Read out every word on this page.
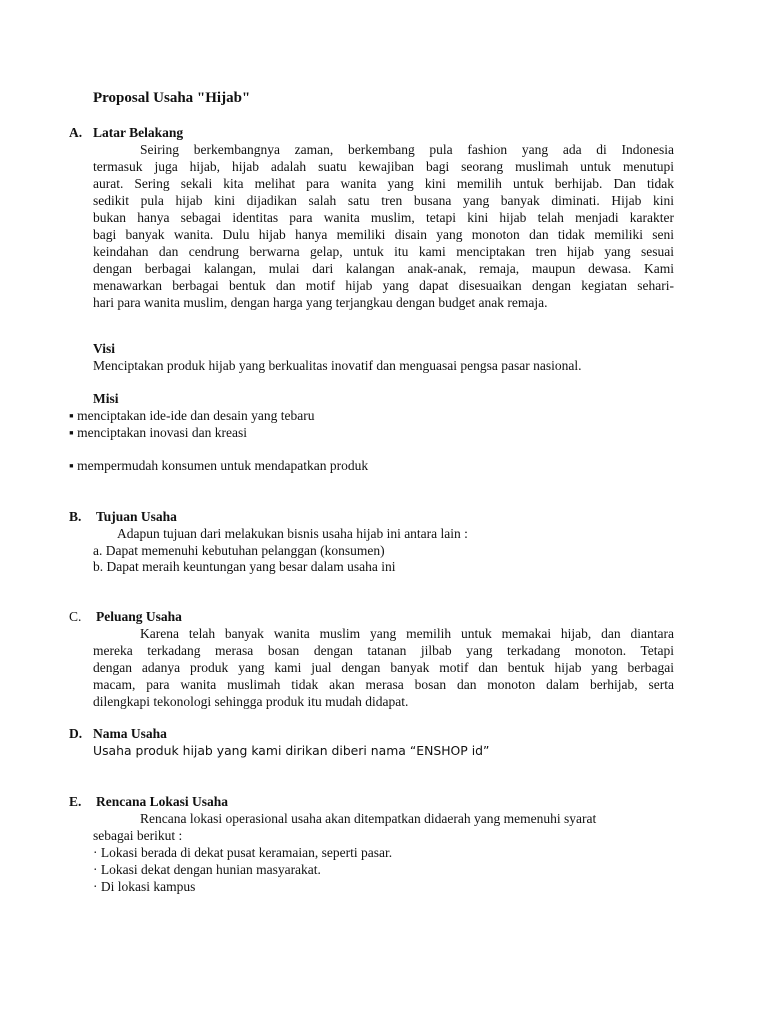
Proposal Usaha "Hijab"
A. Latar Belakang
Seiring berkembangnya zaman, berkembang pula fashion yang ada di Indonesia
termasuk juga hijab, hijab adalah suatu kewajiban bagi seorang muslimah untuk menutupi
aurat. Sering sekali kita melihat para wanita yang kini memilih untuk berhijab. Dan tidak
sedikit pula hijab kini dijadikan salah satu tren busana yang banyak diminati. Hijab kini
bukan hanya sebagai identitas para wanita muslim, tetapi kini hijab telah menjadi karakter
bagi banyak wanita. Dulu hijab hanya memiliki disain yang monoton dan tidak memiliki seni
keindahan dan cendrung berwarna gelap, untuk itu kami menciptakan tren hijab yang sesuai
dengan berbagai kalangan, mulai dari kalangan anak-anak, remaja, maupun dewasa. Kami
menawarkan berbagai bentuk dan motif hijab yang dapat disesuaikan dengan kegiatan sehari-
hari para wanita muslim, dengan harga yang terjangkau dengan budget anak remaja.
Visi
Menciptakan produk hijab yang berkualitas inovatif dan menguasai pengsa pasar nasional.
Misi
▪ menciptakan ide-ide dan desain yang tebaru
▪ menciptakan inovasi dan kreasi
▪ mempermudah konsumen untuk mendapatkan produk
B. Tujuan Usaha
Adapun tujuan dari melakukan bisnis usaha hijab ini antara lain :
a. Dapat memenuhi kebutuhan pelanggan (konsumen)
b. Dapat meraih keuntungan yang besar dalam usaha ini
C. Peluang Usaha
Karena telah banyak wanita muslim yang memilih untuk memakai hijab, dan diantara
mereka terkadang merasa bosan dengan tatanan jilbab yang terkadang monoton. Tetapi
dengan adanya produk yang kami jual dengan banyak motif dan bentuk hijab yang berbagai
macam, para wanita muslimah tidak akan merasa bosan dan monoton dalam berhijab, serta
dilengkapi tekonologi sehingga produk itu mudah didapat.
D. Nama Usaha
Usaha produk hijab yang kami dirikan diberi nama “ENSHOP id”
E. Rencana Lokasi Usaha
Rencana lokasi operasional usaha akan ditempatkan didaerah yang memenuhi syarat
sebagai berikut :
· Lokasi berada di dekat pusat keramaian, seperti pasar.
· Lokasi dekat dengan hunian masyarakat.
· Di lokasi kampus
